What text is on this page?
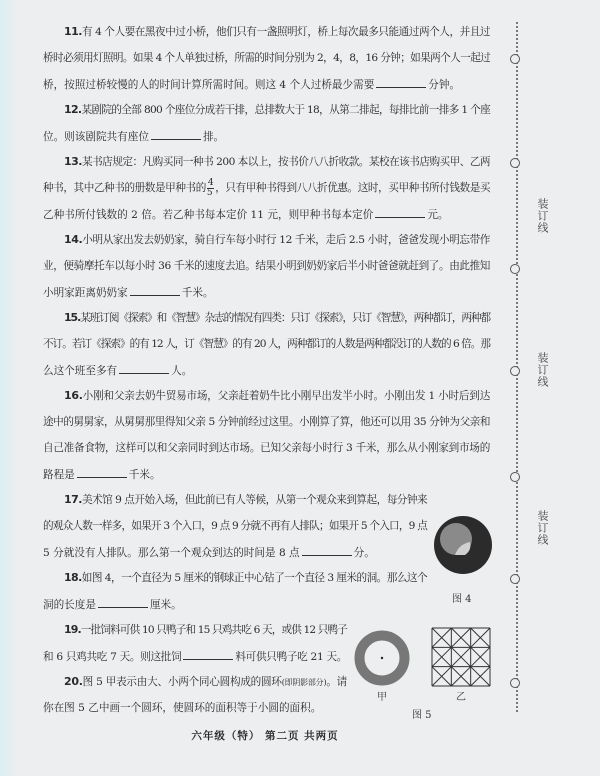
11.有 4 个人要在黑夜中过小桥，他们只有一盏照明灯，桥上每次最多只能通过两个人，并且过
桥时必须用灯照明。如果 4 个人单独过桥，所需的时间分别为 2，4，8，16 分钟；如果两个人一起过
桥，按照过桥较慢的人的时间计算所需时间。则这 4 个人过桥最少需要	分钟。
12.某剧院的全部 800 个座位分成若干排，总排数大于 18，从第二排起，每排比前一排多 1 个座
位。则该剧院共有座位	排。
13.某书店规定：凡购买同一种书 200 本以上，按书价八八折收款。某校在该书店购买甲、乙两
种书，其中乙种书的册数是甲种书的 $\frac{4}{5}$ ，只有甲种书得到八八折优惠。这时，买甲种书所付钱数是买
乙种书所付钱数的 2 倍。若乙种书每本定价 11 元，则甲种书每本定价	元。
14.小明从家出发去奶奶家，骑自行车每小时行 12 千米，走后 2.5 小时，爸爸发现小明忘带作
业，便骑摩托车以每小时 36 千米的速度去追。结果小明到奶奶家后半小时爸爸就赶到了。由此推知
小明家距离奶奶家	千米。
15.某班订阅《探索》和《智慧》杂志的情况有四类：只订《探索》，只订《智慧》，两种都订，两种都
不订。若订《探索》的有 12 人，订《智慧》的有 20 人，两种都订的人数是两种都没订的人数的 6 倍。那
么这个班至多有	人。
16.小刚和父亲去奶牛贸易市场，父亲赶着奶牛比小刚早出发半小时。小刚出发 1 小时后到达
途中的舅舅家，从舅舅那里得知父亲 5 分钟前经过这里。小刚算了算，他还可以用 35 分钟为父亲和
自己准备食物，这样可以和父亲同时到达市场。已知父亲每小时行 3 千米，那么从小刚家到市场的
路程是	千米。
17.美术馆 9 点开始入场，但此前已有人等候，从第一个观众来到算起，每分钟来
的观众人数一样多，如果开 3 个入口，9 点 9 分就不再有人排队；如果开 5 个入口，9 点
5 分就没有人排队。那么第一个观众到达的时间是 8 点	分。
18.如图 4，一个直径为 5 厘米的钢球正中心钻了一个直径 3 厘米的洞。那么这个
洞的长度是	厘米。
19.一批饲料可供 10 只鸭子和 15 只鸡共吃 6 天，或供 12 只鸭子
和 6 只鸡共吃 7 天。则这批饲	料可供只鸭子吃 21 天。
20.图 5 甲表示由大、小两个同心圆构成的圆环(即阴影部分)。请
你在图 5 乙中画一个圆环，使圆环的面积等于小圆的面积。
图 4
甲	乙
图 5
装订线
装订线
装订线
六年级（特） 第二页 共两页
